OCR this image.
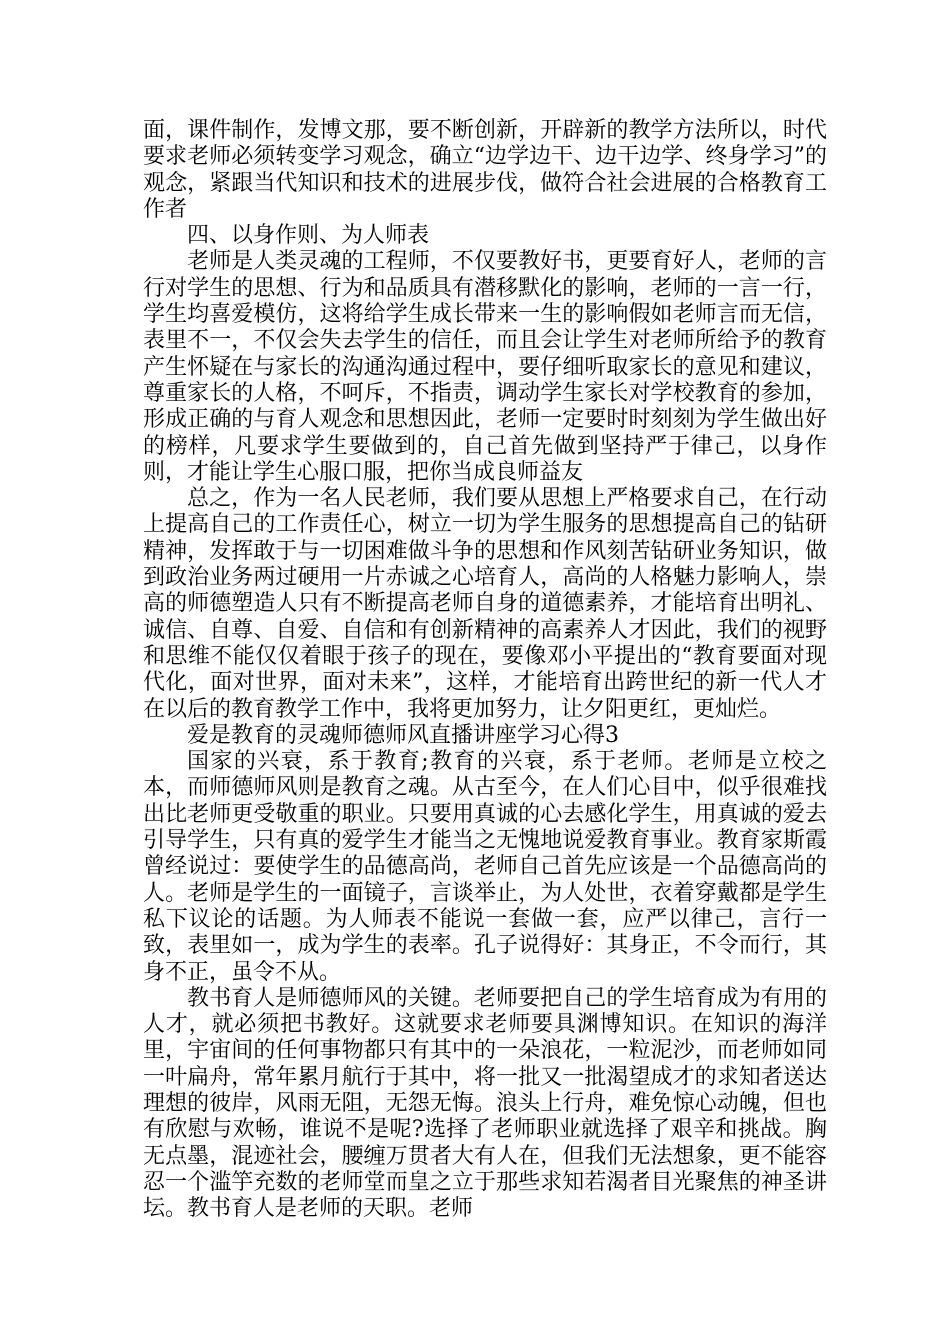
面，课件制作，发博文那，要不断创新，开辟新的教学方法所以，时代要求老师必须转变学习观念，确立“边学边干、边干边学、终身学习”的观念，紧跟当代知识和技术的进展步伐，做符合社会进展的合格教育工作者

四、以身作则、为人师表

老师是人类灵魂的工程师，不仅要教好书，更要育好人，老师的言行对学生的思想、行为和品质具有潜移默化的影响，老师的一言一行，学生均喜爱模仿，这将给学生成长带来一生的影响假如老师言而无信，表里不一，不仅会失去学生的信任，而且会让学生对老师所给予的教育产生怀疑在与家长的沟通沟通过程中，要仔细听取家长的意见和建议，尊重家长的人格，不呵斥，不指责，调动学生家长对学校教育的参加，形成正确的与育人观念和思想因此，老师一定要时时刻刻为学生做出好的榜样，凡要求学生要做到的，自己首先做到坚持严于律己，以身作则，才能让学生心服口服，把你当成良师益友

总之，作为一名人民老师，我们要从思想上严格要求自己，在行动上提高自己的工作责任心，树立一切为学生服务的思想提高自己的钻研精神，发挥敢于与一切困难做斗争的思想和作风刻苦钻研业务知识，做到政治业务两过硬用一片赤诚之心培育人，高尚的人格魅力影响人，崇高的师德塑造人只有不断提高老师自身的道德素养，才能培育出明礼、诚信、自尊、自爱、自信和有创新精神的高素养人才因此，我们的视野和思维不能仅仅着眼于孩子的现在，要像邓小平提出的“教育要面对现代化，面对世界，面对未来”，这样，才能培育出跨世纪的新一代人才在以后的教育教学工作中，我将更加努力，让夕阳更红，更灿烂。

爱是教育的灵魂师德师风直播讲座学习心得3

国家的兴衰，系于教育;教育的兴衰，系于老师。老师是立校之本，而师德师风则是教育之魂。从古至今，在人们心目中，似乎很难找出比老师更受敬重的职业。只要用真诚的心去感化学生，用真诚的爱去引导学生，只有真的爱学生才能当之无愧地说爱教育事业。教育家斯霞曾经说过：要使学生的品德高尚，老师自己首先应该是一个品德高尚的人。老师是学生的一面镜子，言谈举止，为人处世，衣着穿戴都是学生私下议论的话题。为人师表不能说一套做一套，应严以律己，言行一致，表里如一，成为学生的表率。孔子说得好：其身正，不令而行，其身不正，虽令不从。

教书育人是师德师风的关键。老师要把自己的学生培育成为有用的人才，就必须把书教好。这就要求老师要具渊博知识。在知识的海洋里，宇宙间的任何事物都只有其中的一朵浪花，一粒泥沙，而老师如同一叶扁舟，常年累月航行于其中，将一批又一批渴望成才的求知者送达理想的彼岸，风雨无阻，无怨无悔。浪头上行舟，难免惊心动魄，但也有欣慰与欢畅，谁说不是呢?选择了老师职业就选择了艰辛和挑战。胸无点墨，混迹社会，腰缠万贯者大有人在，但我们无法想象，更不能容忍一个滥竽充数的老师堂而皇之立于那些求知若渴者目光聚焦的神圣讲坛。教书育人是老师的天职。老师
